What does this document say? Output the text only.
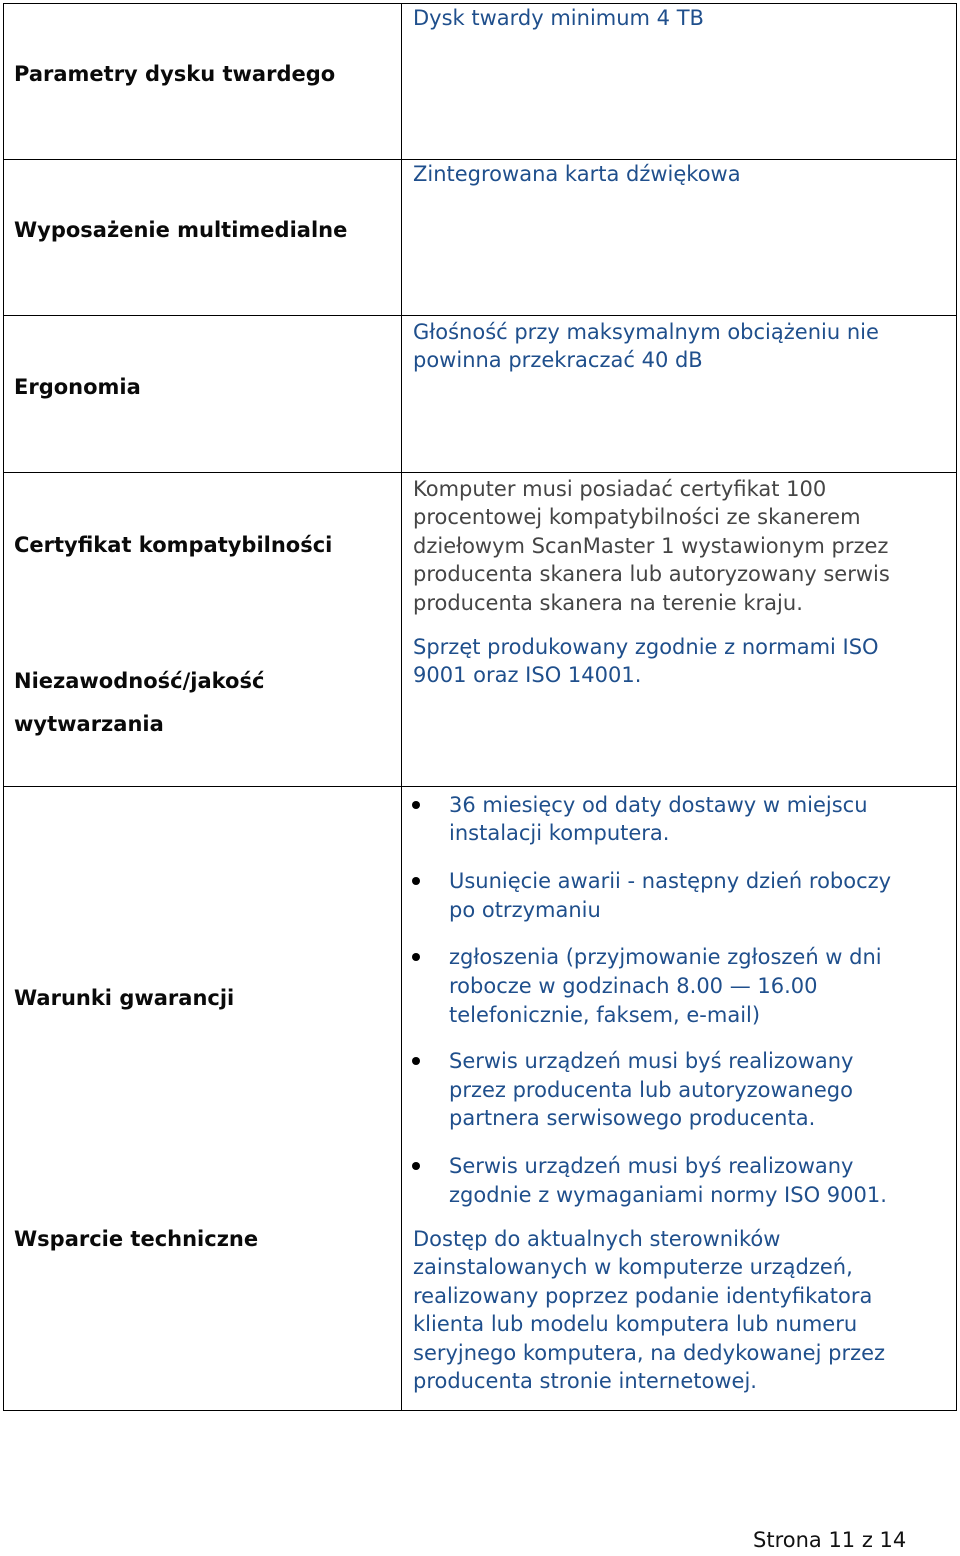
Dysk twardy minimum 4 TB
Parametry dysku twardego
Zintegrowana karta dźwiękowa
Wyposażenie multimedialne
Głośność przy maksymalnym obciążeniu nie
powinna przekraczać 40 dB
Ergonomia
Certyfikat kompatybilności
Komputer musi posiadać certyfikat 100
procentowej kompatybilności ze skanerem
dziełowym ScanMaster 1 wystawionym przez
producenta skanera lub autoryzowany serwis
producenta skanera na terenie kraju.
Niezawodność/jakość
wytwarzania
Sprzęt produkowany zgodnie z normami ISO
9001 oraz ISO 14001.
Warunki gwarancji
36 miesięcy od daty dostawy w miejscu
instalacji komputera.
Usunięcie awarii - następny dzień roboczy
po otrzymaniu
zgłoszenia (przyjmowanie zgłoszeń w dni
robocze w godzinach 8.00 — 16.00
telefonicznie, faksem, e-mail)
Serwis urządzeń musi byś realizowany
przez producenta lub autoryzowanego
partnera serwisowego producenta.
Serwis urządzeń musi byś realizowany
zgodnie z wymaganiami normy ISO 9001.
Wsparcie techniczne	Dostęp do aktualnych sterowników
zainstalowanych w komputerze urządzeń,
realizowany poprzez podanie identyfikatora
klienta lub modelu komputera lub numeru
seryjnego komputera, na dedykowanej przez
producenta stronie internetowej.
Strona 11 z 14
